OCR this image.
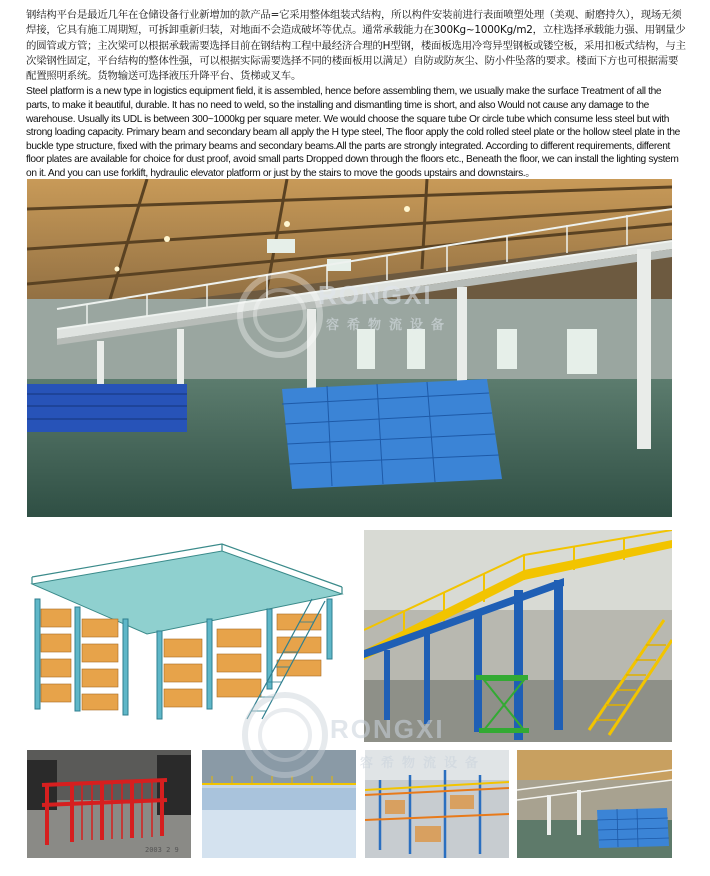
钢结构平台是最近几年在仓储设备行业新增加的款产品=它采用整体组装式结构，所以构件安装前进行表面喷塑处理（美观、耐磨持久），现场无须焊接，它具有施工周期短，可拆卸重新归装，对地面不会造成破坏等优点。通常承载能力在300Kg~1000Kg/m2，立柱选择承载能力强、用钢量少的圆管或方管；主次梁可以根据承载需要选择目前在钢结构工程中最经济合理的H型钢，楼面板选用冷弯异型钢板或镂空板，采用扣板式结构，与主次梁钢性固定，平台结构的整体性强，可以根据实际需要选择不同的楼面板用以满足）自防或防灰尘、防小件坠落的要求。楼面下方也可根据需要配置照明系统。货物输送可选择液压升降平台、货梯或叉车。

Steel platform is a new type in logistics equipment field, it is assembled, hence before assembling them, we usually make the surface Treatment of all the parts, to make it beautiful, durable. It has no need to weld, so the installing and dismantling time is short, and also Would not cause any damage to the warehouse. Usually its UDL is between 300~1000kg per square meter. We would choose the square tube Or circle tube which consume less steel but with strong loading capacity. Primary beam and secondary beam all apply the H type steel, The floor apply the cold rolled steel plate or the hollow steel plate in the buckle type structure, fixed with the primary beams and secondary beams.All the parts are strongly integrated. According to different requirements, different floor plates are available for choice for dust proof, avoid small parts Dropped down through the floors etc., Beneath the floor, we can install the lighting system on it. And you can use forklift, hydraulic elevator platform or just by the stairs to move the goods upstairs and downstairs.。

2003 2 9
RONGXI
容希物流设备
RONGXI
容希物流设备
